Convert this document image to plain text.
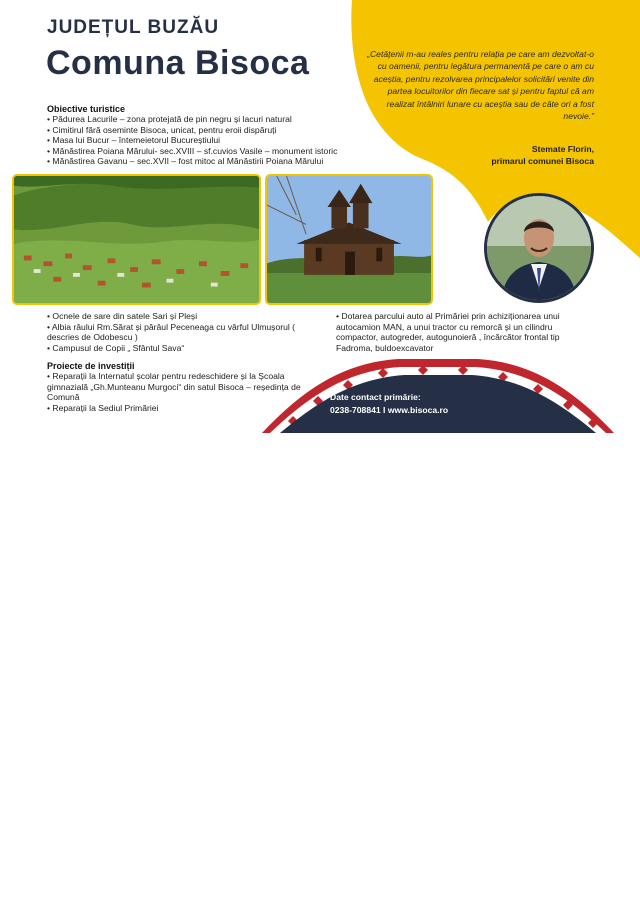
JUDEȚUL BUZĂU
Comuna Bisoca	„Cetățenii m-au reales pentru relația pe care am dezvoltat-o cu oamenii, pentru legătura permanentă pe care o am cu aceștia, pentru rezolvarea principalelor solicitări venite din partea locuitorilor din fiecare sat și pentru faptul că am realizat întâlniri lunare cu aceștia sau de câte ori a fost nevoie.”
Stemate Florin,
primarul comunei Bisoca
Obiective turistice
• Pădurea Lacurile – zona protejată de pin negru și lacuri natural
• Cimitirul fără oseminte Bisoca, unicat, pentru eroii dispăruți
• Masa lui Bucur – întemeietorul Bucureștiului
• Mănăstirea Poiana Mărului- sec.XVIII – sf.cuvios Vasile – monument istoric
• Mănăstirea Gavanu – sec.XVII – fost mitoc al Mănăstirii Poiana Mărului
• Ocnele de sare din satele Sari și Pleși
• Albia râului Rm.Sărat și pârâul Peceneaga cu vârful Ulmușorul ( descries de Odobescu )
• Campusul de Copii „ Sfântul Sava“
Proiecte de investiții
• Reparații la Internatul școlar pentru redeschidere și la Școala gimnazială „Gh.Munteanu Murgoci“ din satul Bisoca – reședința de Comună
• Reparații la Sediul Primăriei
• Dotarea parcului auto al Primăriei prin achiziționarea unui autocamion MAN, a unui tractor cu remorcă și un cilindru compactor, autogreder, autogunoieră , încărcător frontal tip Fadroma, buldoexcavator
Date contact primărie:
0238-708841 I www.bisoca.ro
